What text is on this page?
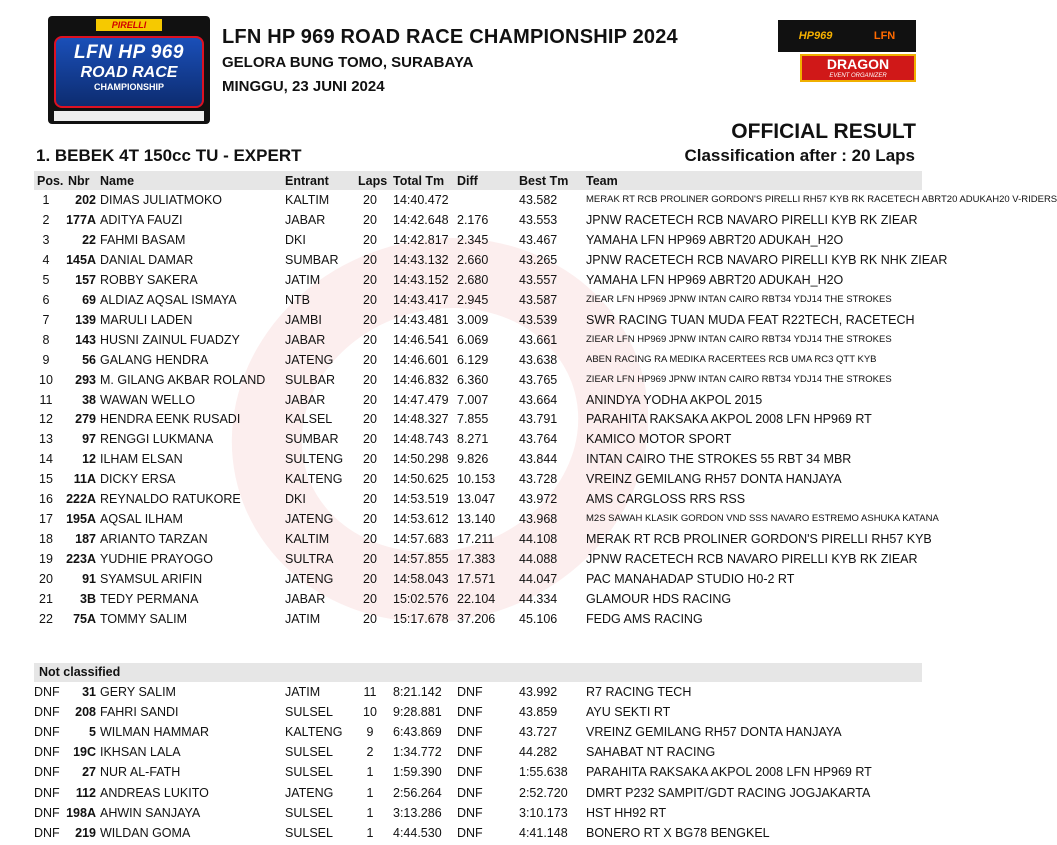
PIRELLI
LFN HP 969
ROAD RACE
CHAMPIONSHIP
LFN HP 969 ROAD RACE CHAMPIONSHIP 2024
GELORA BUNG TOMO, SURABAYA
MINGGU, 23 JUNI 2024
HP969	LFN
DRAGON
EVENT ORGANIZER
OFFICIAL RESULT
1. BEBEK 4T 150cc TU - EXPERT	Classification after : 20 Laps
Pos. Nbr Name	Entrant Laps Total Tm Diff	Best Tm Team
1	202 DIMAS JULIATMOKO	KALTIM	20	14:40.472	43.582	MERAK RT RCB PROLINER GORDON'S PIRELLI RH57 KYB RK RACETECH ABRT20 ADUKAH20 V-RIDERS
2	177A ADITYA FAUZI	JABAR	20	14:42.648 2.176 43.553 JPNW RACETECH RCB NAVARO PIRELLI KYB RK ZIEAR
3	22 FAHMI BASAM	DKI	20	14:42.817 2.345 43.467 YAMAHA LFN HP969 ABRT20 ADUKAH_H2O
4	145A DANIAL DAMAR	SUMBAR	20	14:43.132 2.660 43.265 JPNW RACETECH RCB NAVARO PIRELLI KYB RK NHK ZIEAR
5	157 ROBBY SAKERA	JATIM	20	14:43.152 2.680 43.557 YAMAHA LFN HP969 ABRT20 ADUKAH_H2O
6	69 ALDIAZ AQSAL ISMAYA	NTB	20	14:43.417 2.945 43.587	ZIEAR LFN HP969 JPNW INTAN CAIRO RBT34 YDJ14 THE STROKES
7	139 MARULI LADEN	JAMBI	20	14:43.481 3.009 43.539 SWR RACING TUAN MUDA FEAT R22TECH, RACETECH
8	143 HUSNI ZAINUL FUADZY	JABAR	20	14:46.541 6.069 43.661	ZIEAR LFN HP969 JPNW INTAN CAIRO RBT34 YDJ14 THE STROKES
9	56 GALANG HENDRA	JATENG	20	14:46.601 6.129 43.638	ABEN RACING RA MEDIKA RACERTEES RCB UMA RC3 QTT KYB
10	293 M. GILANG AKBAR ROLAND SULBAR	20	14:46.832 6.360 43.765	ZIEAR LFN HP969 JPNW INTAN CAIRO RBT34 YDJ14 THE STROKES
11	38 WAWAN WELLO	JABAR	20	14:47.479 7.007 43.664 ANINDYA YODHA AKPOL 2015
12	279 HENDRA EENK RUSADI	KALSEL	20	14:48.327 7.855 43.791 PARAHITA RAKSAKA AKPOL 2008 LFN HP969 RT
13	97 RENGGI LUKMANA	SUMBAR	20	14:48.743 8.271 43.764 KAMICO MOTOR SPORT
14	12 ILHAM ELSAN	SULTENG	20	14:50.298 9.826 43.844 INTAN CAIRO THE STROKES 55 RBT 34 MBR
15	11A DICKY ERSA	KALTENG	20	14:50.625 10.153 43.728 VREINZ GEMILANG RH57 DONTA HANJAYA
16	222A REYNALDO RATUKORE	DKI	20	14:53.519 13.047 43.972 AMS CARGLOSS RRS RSS
17	195A AQSAL ILHAM	JATENG	20	14:53.612 13.140 43.968	M2S SAWAH KLASIK GORDON VND SSS NAVARO ESTREMO ASHUKA KATANA
18	187 ARIANTO TARZAN	KALTIM	20	14:57.683 17.211 44.108 MERAK RT RCB PROLINER GORDON'S PIRELLI RH57 KYB
19	223A YUDHIE PRAYOGO	SULTRA	20	14:57.855 17.383 44.088 JPNW RACETECH RCB NAVARO PIRELLI KYB RK ZIEAR
20	91 SYAMSUL ARIFIN	JATENG	20	14:58.043 17.571 44.047 PAC MANAHADAP STUDIO H0-2 RT
21	3B TEDY PERMANA	JABAR	20	15:02.576 22.104 44.334 GLAMOUR HDS RACING
22	75A TOMMY SALIM	JATIM	20	15:17.678 37.206 45.106 FEDG AMS RACING
Not classified
DNF	31 GERY SALIM	JATIM	11	8:21.142 DNF	43.992 R7 RACING TECH
DNF	208 FAHRI SANDI	SULSEL	10	9:28.881 DNF	43.859 AYU SEKTI RT
DNF	5 WILMAN HAMMAR	KALTENG	9	6:43.869 DNF	43.727 VREINZ GEMILANG RH57 DONTA HANJAYA
DNF	19C IKHSAN LALA	SULSEL	2	1:34.772 DNF	44.282 SAHABAT NT RACING
DNF	27 NUR AL-FATH	SULSEL	1	1:59.390 DNF	1:55.638 PARAHITA RAKSAKA AKPOL 2008 LFN HP969 RT
DNF	112 ANDREAS LUKITO	JATENG	1	2:56.264 DNF	2:52.720 DMRT P232 SAMPIT/GDT RACING JOGJAKARTA
DNF 198A AHWIN SANJAYA	SULSEL	1	3:13.286 DNF	3:10.173 HST HH92 RT
DNF	219 WILDAN GOMA	SULSEL	1	4:44.530 DNF	4:41.148 BONERO RT X BG78 BENGKEL
